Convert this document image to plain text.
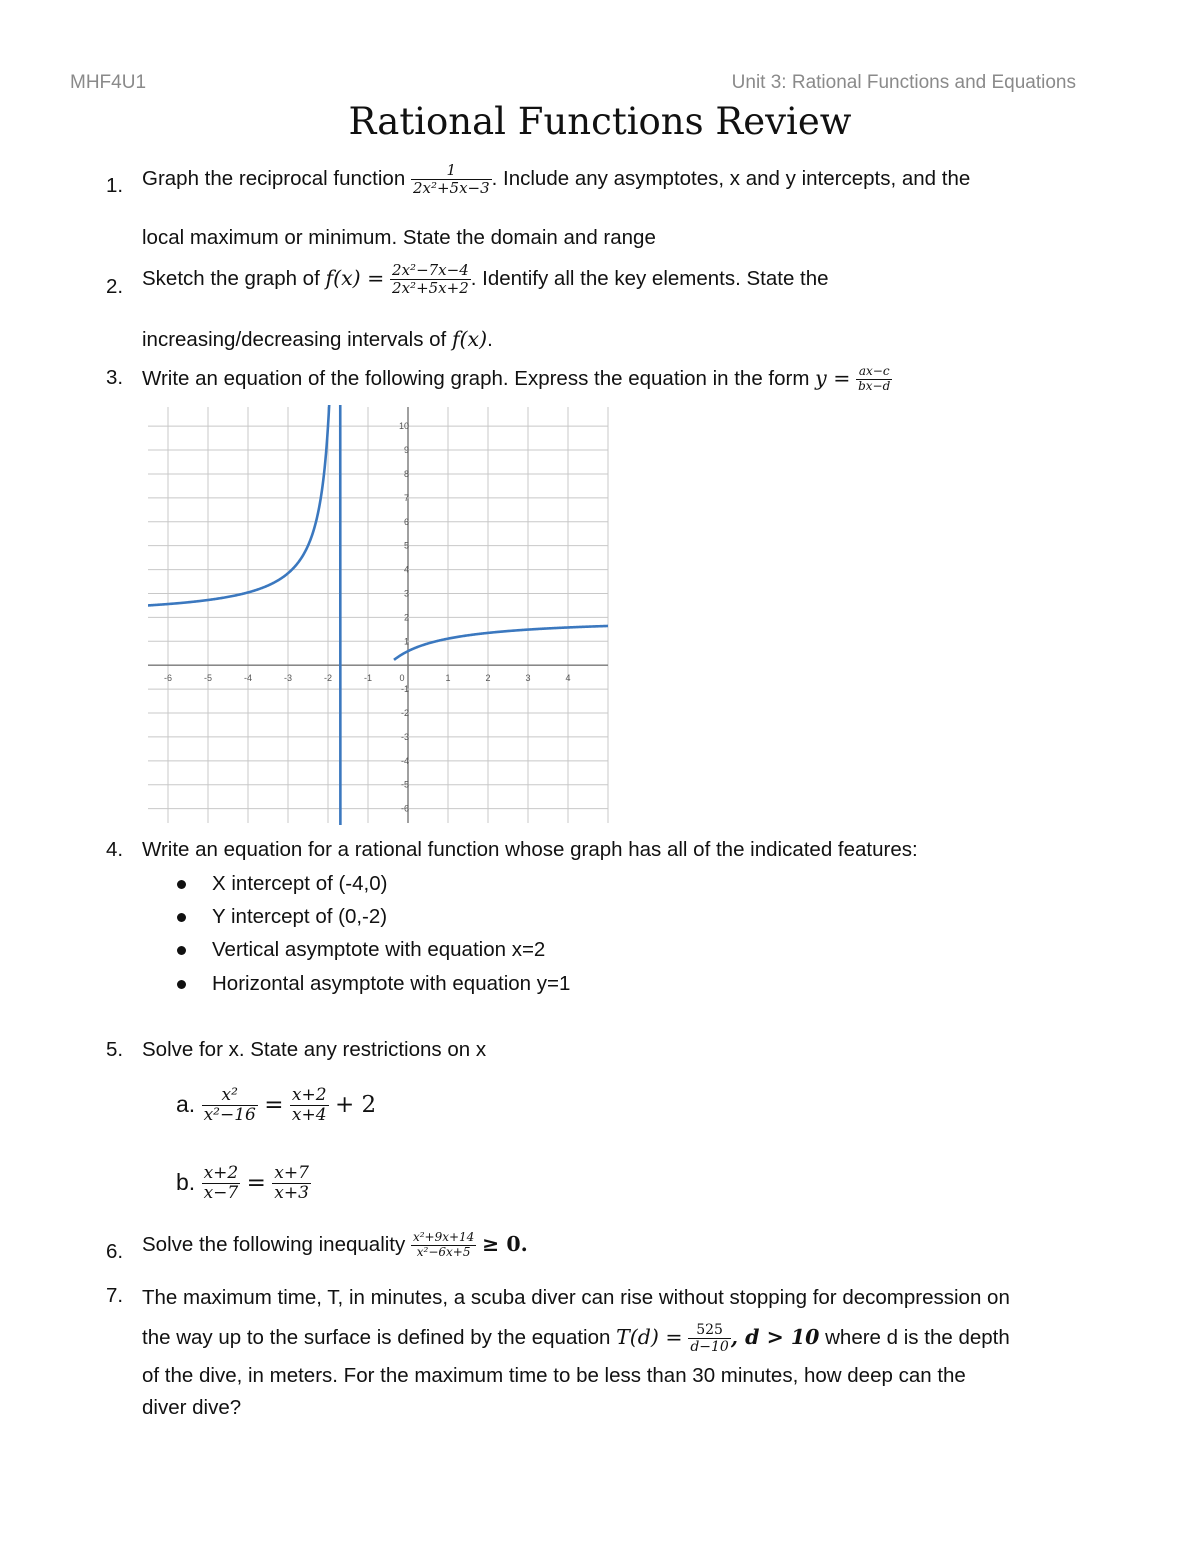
MHF4U1	Unit 3: Rational Functions and Equations
Rational Functions Review
1. Graph the reciprocal function $\frac{1}{\text{2x²+5x−3}}$ . Include any asymptotes, x and y intercepts, and the
local maximum or minimum. State the domain and range
2. Sketch the graph of $f(x) = \frac{\text{2x²−7x−4}}{\text{2x²+5x+2}}$ . Identify all the key elements. State the
increasing/decreasing intervals of f(x).
3. Write an equation of the following graph. Express the equation in the form $y = \frac{ax-c}{bx-d}$
-6	-5	-4	-3	-2	-1	0	1	2	3	4
10
9
8
7
6
5
4
3
2
1
-1
-2
-3
-4
-5
-6
4. Write an equation for a rational function whose graph has all of the indicated features:
X intercept of (-4,0)
Y intercept of (0,-2)
Vertical asymptote with equation x=2
Horizontal asymptote with equation y=1
5. Solve for x. State any restrictions on x
a. $\frac{\text{x²}}{\text{x²−16}} = \frac{x+2}{x+4} + 2$
b. $\frac{x+2}{x-7} = \frac{x+7}{x+3}$
6. Solve the following inequality $\frac{\text{x²+9x+14}}{\text{x²−6x+5}} \ge 0$.
7. The maximum time, T, in minutes, a scuba diver can rise without stopping for decompression on
the way up to the surface is defined by the equation $T(d) = \frac{525}{d-10}$ , d > 10 where d is the depth
of the dive, in meters. For the maximum time to be less than 30 minutes, how deep can the
diver dive?
